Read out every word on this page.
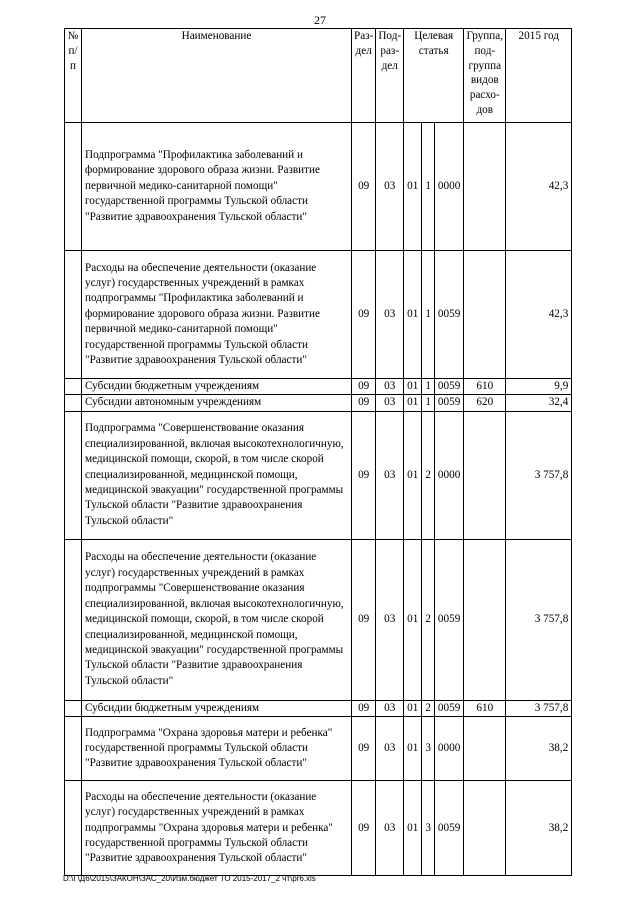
27
№ п/п	Наименование	Раз-дел	Под-раз-дел	Целевая статья			Группа, под-группа видов расхо-дов	2015 год
	Подпрограмма "Профилактика заболеваний и формирование здорового образа жизни. Развитие первичной медико-санитарной помощи" государственной программы Тульской области "Развитие здравоохранения Тульской области"	09	03	01	1	0000		42,3
	Расходы на обеспечение деятельности (оказание услуг) государственных учреждений в рамках подпрограммы "Профилактика заболеваний и формирование здорового образа жизни. Развитие первичной медико-санитарной помощи" государственной программы Тульской области "Развитие здравоохранения Тульской области"	09	03	01	1	0059		42,3
	Субсидии бюджетным учреждениям	09	03	01	1	0059	610	9,9
	Субсидии автономным учреждениям	09	03	01	1	0059	620	32,4
	Подпрограмма "Совершенствование оказания специализированной, включая высокотехнологичную, медицинской помощи, скорой, в том числе скорой специализированной, медицинской помощи, медицинской эвакуации" государственной программы Тульской области "Развитие здравоохранения Тульской области"	09	03	01	2	0000		3 757,8
	Расходы на обеспечение деятельности (оказание услуг) государственных учреждений в рамках подпрограммы "Совершенствование оказания специализированной, включая высокотехнологичную, медицинской помощи, скорой, в том числе скорой специализированной, медицинской помощи, медицинской эвакуации" государственной программы Тульской области "Развитие здравоохранения Тульской области"	09	03	01	2	0059		3 757,8
	Субсидии бюджетным учреждениям	09	03	01	2	0059	610	3 757,8
	Подпрограмма "Охрана здоровья матери и ребенка" государственной программы Тульской области "Развитие здравоохранения Тульской области"	09	03	01	3	0000		38,2
	Расходы на обеспечение деятельности (оказание услуг) государственных учреждений в рамках подпрограммы "Охрана здоровья матери и ребенка" государственной программы Тульской области "Развитие здравоохранения Тульской области"	09	03	01	3	0059		38,2
D:\Г\Д6\2015\ЗАКОН\ЗАС_20\Изм.бюджет ТО 2015-2017_2 чт\pr6.xls
